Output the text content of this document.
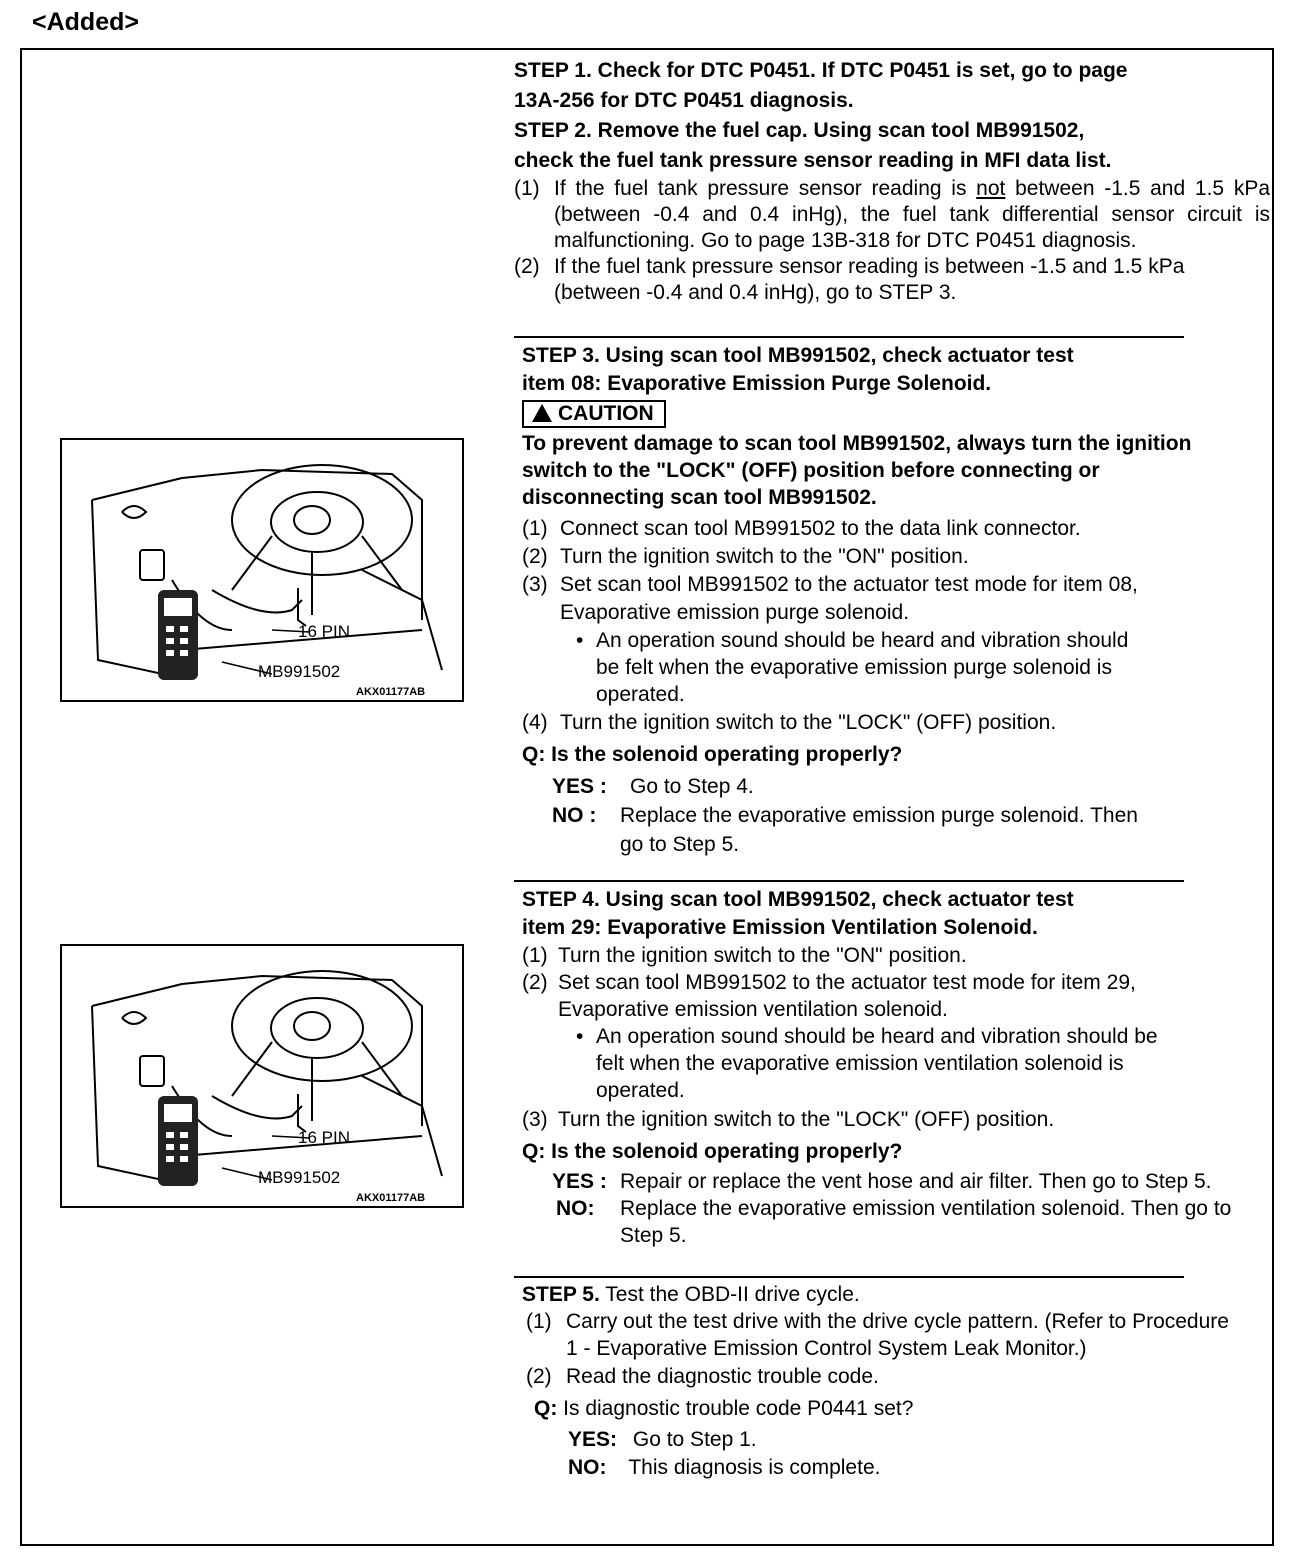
<Added>
STEP 1. Check for DTC P0451. If DTC P0451 is set, go to page
13A-256 for DTC P0451 diagnosis.
STEP 2. Remove the fuel cap. Using scan tool MB991502,
check the fuel tank pressure sensor reading in MFI data list.
(1) If the fuel tank pressure sensor reading is not between -1.5 and 1.5 kPa (between -0.4 and 0.4 inHg), the fuel tank differential sensor circuit is malfunctioning. Go to page 13B-318 for DTC P0451 diagnosis.
(2) If the fuel tank pressure sensor reading is between -1.5 and 1.5 kPa (between -0.4 and 0.4 inHg), go to STEP 3.
STEP 3. Using scan tool MB991502, check actuator test
item 08: Evaporative Emission Purge Solenoid.
CAUTION
To prevent damage to scan tool MB991502, always turn the ignition switch to the "LOCK" (OFF) position before connecting or disconnecting scan tool MB991502.
(1) Connect scan tool MB991502 to the data link connector.
(2) Turn the ignition switch to the "ON" position.
(3) Set scan tool MB991502 to the actuator test mode for item 08, Evaporative emission purge solenoid.
• An operation sound should be heard and vibration should be felt when the evaporative emission purge solenoid is operated.
(4) Turn the ignition switch to the "LOCK" (OFF) position.
Q: Is the solenoid operating properly?
YES : Go to Step 4.
NO : Replace the evaporative emission purge solenoid. Then go to Step 5.
STEP 4. Using scan tool MB991502, check actuator test
item 29: Evaporative Emission Ventilation Solenoid.
(1) Turn the ignition switch to the "ON" position.
(2) Set scan tool MB991502 to the actuator test mode for item 29, Evaporative emission ventilation solenoid.
• An operation sound should be heard and vibration should be felt when the evaporative emission ventilation solenoid is operated.
(3) Turn the ignition switch to the "LOCK" (OFF) position.
Q: Is the solenoid operating properly?
YES : Repair or replace the vent hose and air filter. Then go to Step 5.
NO: Replace the evaporative emission ventilation solenoid. Then go to Step 5.
STEP 5. Test the OBD-II drive cycle.
(1) Carry out the test drive with the drive cycle pattern. (Refer to Procedure 1 - Evaporative Emission Control System Leak Monitor.)
(2) Read the diagnostic trouble code.
Q: Is diagnostic trouble code P0441 set?
YES: Go to Step 1.
NO: This diagnosis is complete.
16 PIN
MB991502
AKX01177AB
16 PIN
MB991502
AKX01177AB
